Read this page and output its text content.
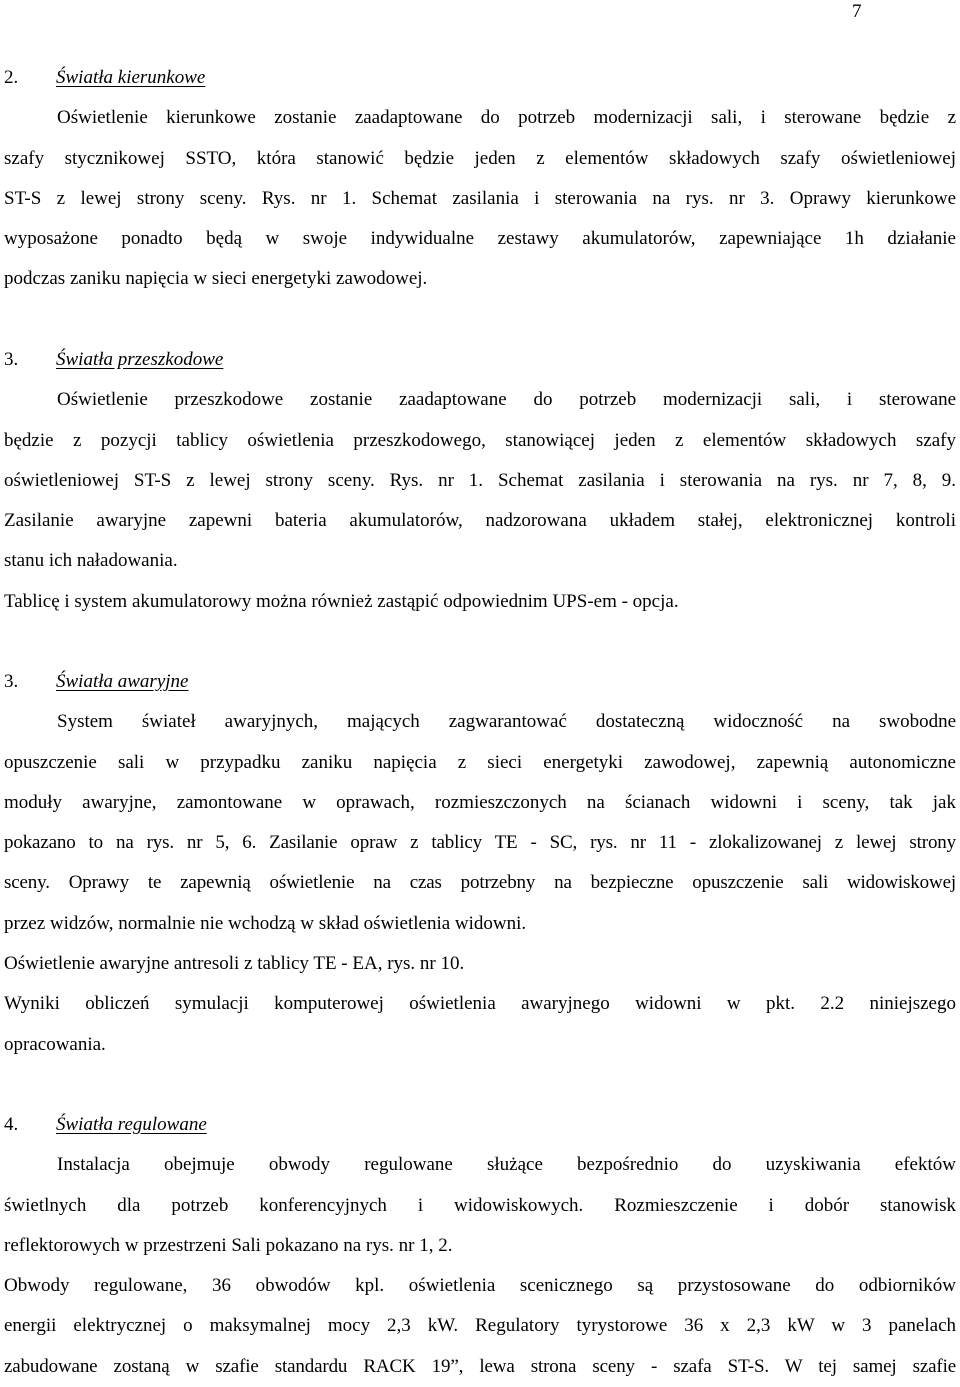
7
2. Światła kierunkowe
Oświetlenie kierunkowe zostanie zaadaptowane do potrzeb modernizacji sali, i sterowane będzie z
szafy stycznikowej SSTO, która stanowić będzie jeden z elementów składowych szafy oświetleniowej
ST-S z lewej strony sceny. Rys. nr 1. Schemat zasilania i sterowania na rys. nr 3. Oprawy kierunkowe
wyposażone ponadto będą w swoje indywidualne zestawy akumulatorów, zapewniające 1h działanie
podczas zaniku napięcia w sieci energetyki zawodowej.
3. Światła przeszkodowe
Oświetlenie przeszkodowe zostanie zaadaptowane do potrzeb modernizacji sali, i sterowane
będzie z pozycji tablicy oświetlenia przeszkodowego, stanowiącej jeden z elementów składowych szafy
oświetleniowej ST-S z lewej strony sceny. Rys. nr 1. Schemat zasilania i sterowania na rys. nr 7, 8, 9.
Zasilanie awaryjne zapewni bateria akumulatorów, nadzorowana układem stałej, elektronicznej kontroli
stanu ich naładowania.
Tablicę i system akumulatorowy można również zastąpić odpowiednim UPS-em - opcja.
3. Światła awaryjne
System świateł awaryjnych, mających zagwarantować dostateczną widoczność na swobodne
opuszczenie sali w przypadku zaniku napięcia z sieci energetyki zawodowej, zapewnią autonomiczne
moduły awaryjne, zamontowane w oprawach, rozmieszczonych na ścianach widowni i sceny, tak jak
pokazano to na rys. nr 5, 6. Zasilanie opraw z tablicy TE - SC, rys. nr 11 - zlokalizowanej z lewej strony
sceny. Oprawy te zapewnią oświetlenie na czas potrzebny na bezpieczne opuszczenie sali widowiskowej
przez widzów, normalnie nie wchodzą w skład oświetlenia widowni.
Oświetlenie awaryjne antresoli z tablicy TE - EA, rys. nr 10.
Wyniki obliczeń symulacji komputerowej oświetlenia awaryjnego widowni w pkt. 2.2 niniejszego
opracowania.
4. Światła regulowane
Instalacja obejmuje obwody regulowane służące bezpośrednio do uzyskiwania efektów
świetlnych dla potrzeb konferencyjnych i widowiskowych. Rozmieszczenie i dobór stanowisk
reflektorowych w przestrzeni Sali pokazano na rys. nr 1, 2.
Obwody regulowane, 36 obwodów kpl. oświetlenia scenicznego są przystosowane do odbiorników
energii elektrycznej o maksymalnej mocy 2,3 kW. Regulatory tyrystorowe 36 x 2,3 kW w 3 panelach
zabudowane zostaną w szafie standardu RACK 19”, lewa strona sceny - szafa ST-S. W tej samej szafie
